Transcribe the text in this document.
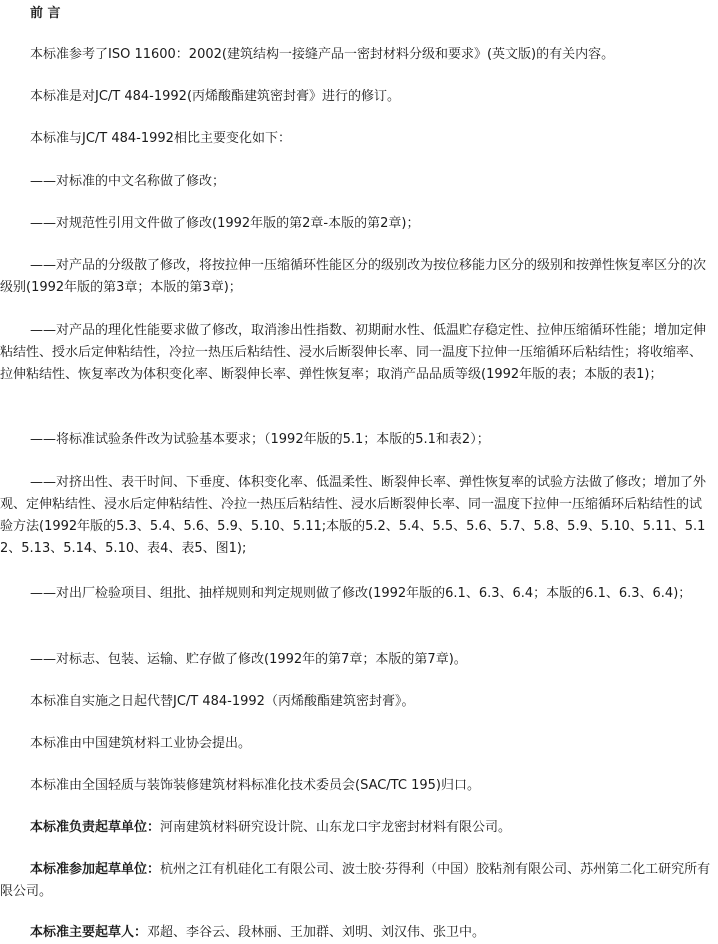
前 言

本标准参考了ISO 11600：2002(建筑结构一接缝产品一密封材料分级和要求》(英文版)的有关内容。

本标准是对JC/T 484-1992(丙烯酸酯建筑密封膏》进行的修订。

本标准与JC/T 484-1992相比主要变化如下：

——对标准的中文名称做了修改；

——对规范性引用文件做了修改(1992年版的第2章-本版的第2章)；

——对产品的分级散了修改，将按拉伸一压缩循环性能区分的级别改为按位移能力区分的级别和按弹性恢复率区分的次级别(1992年版的第3章；本版的第3章)；

——对产品的理化性能要求做了修改，取消渗出性指数、初期耐水性、低温贮存稳定性、拉伸压缩循环性能；增加定伸粘结性、授水后定伸粘结性，冷拉一热压后粘结性、浸水后断裂伸长率、同一温度下拉伸一压缩循环后粘结性；将收缩率、拉伸粘结性、恢复率改为体积变化率、断裂伸长率、弹性恢复率；取消产品品质等级(1992年版的表；本版的表1)；

——将标准试验条件改为试验基本要求；（1992年版的5.1；本版的5.1和表2）；

——对挤出性、表干时间、下垂度、体积变化率、低温柔性、断裂伸长率、弹性恢复率的试验方法做了修改；增加了外观、定伸粘结性、浸水后定伸粘结性、冷拉一热压后粘结性、浸水后断裂伸长率、同一温度下拉伸一压缩循环后粘结性的试验方法(1992年版的5.3、5.4、5.6、5.9、5.10、5.11;本版的5.2、5.4、5.5、5.6、5.7、5.8、5.9、5.10、5.11、5.12、5.13、5.14、5.10、表4、表5、图1);

——对出厂检验项目、组批、抽样规则和判定规则做了修改(1992年版的6.1、6.3、6.4；本版的6.1、6.3、6.4)；

——对标志、包装、运输、贮存做了修改(1992年的第7章；本版的第7章)。

本标准自实施之日起代替JC/T 484-1992（丙烯酸酯建筑密封膏》。

本标准由中国建筑材料工业协会提出。

本标准由全国轻质与装饰装修建筑材料标准化技术委员会(SAC/TC 195)归口。

本标准负责起草单位：河南建筑材料研究设计院、山东龙口宇龙密封材料有限公司。

本标准参加起草单位：杭州之江有机硅化工有限公司、波士胶·芬得利（中国）胶粘剂有限公司、苏州第二化工研究所有限公司。

本标准主要起草人：邓超、李谷云、段林丽、王加群、刘明、刘汉伟、张卫中。
